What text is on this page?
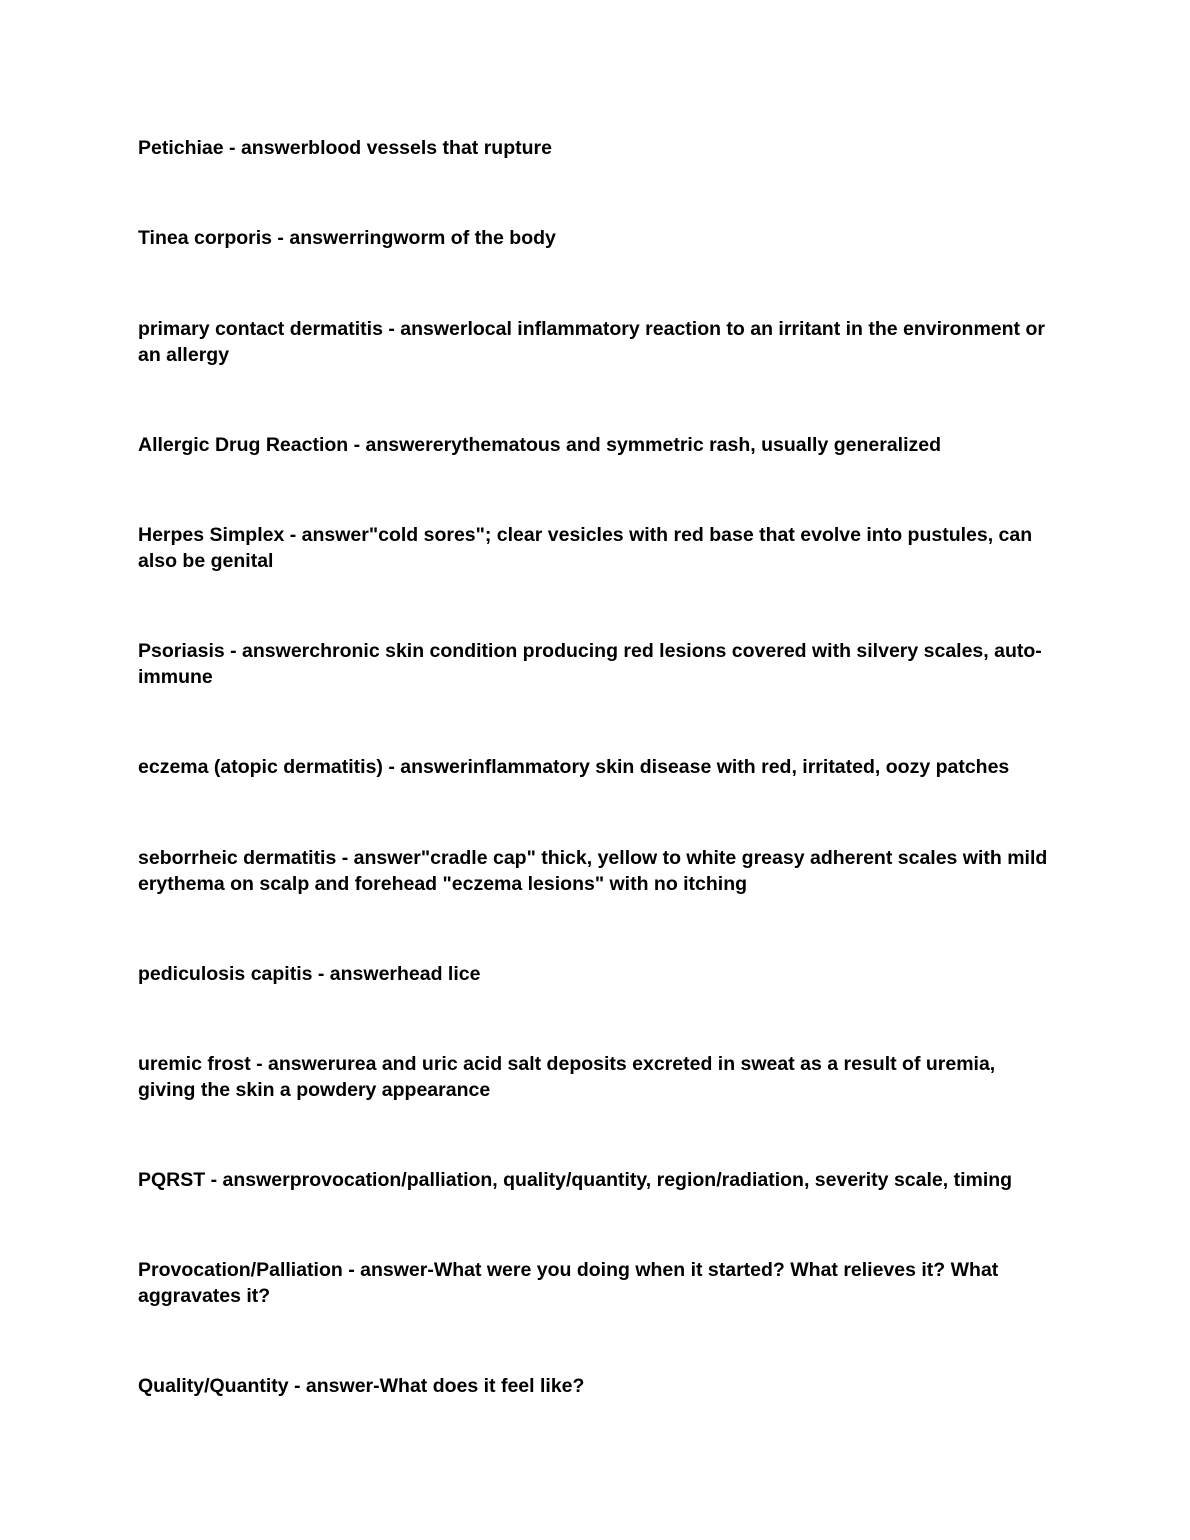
Petichiae - answerblood vessels that rupture

Tinea corporis - answerringworm of the body

primary contact dermatitis - answerlocal inflammatory reaction to an irritant in the environment or an allergy

Allergic Drug Reaction - answererythematous and symmetric rash, usually generalized

Herpes Simplex - answer"cold sores"; clear vesicles with red base that evolve into pustules, can also be genital

Psoriasis - answerchronic skin condition producing red lesions covered with silvery scales, auto-immune

eczema (atopic dermatitis) - answerinflammatory skin disease with red, irritated, oozy patches

seborrheic dermatitis - answer"cradle cap" thick, yellow to white greasy adherent scales with mild erythema on scalp and forehead "eczema lesions" with no itching

pediculosis capitis - answerhead lice

uremic frost - answerurea and uric acid salt deposits excreted in sweat as a result of uremia, giving the skin a powdery appearance

PQRST - answerprovocation/palliation, quality/quantity, region/radiation, severity scale, timing

Provocation/Palliation - answer-What were you doing when it started? What relieves it? What aggravates it?

Quality/Quantity - answer-What does it feel like?
